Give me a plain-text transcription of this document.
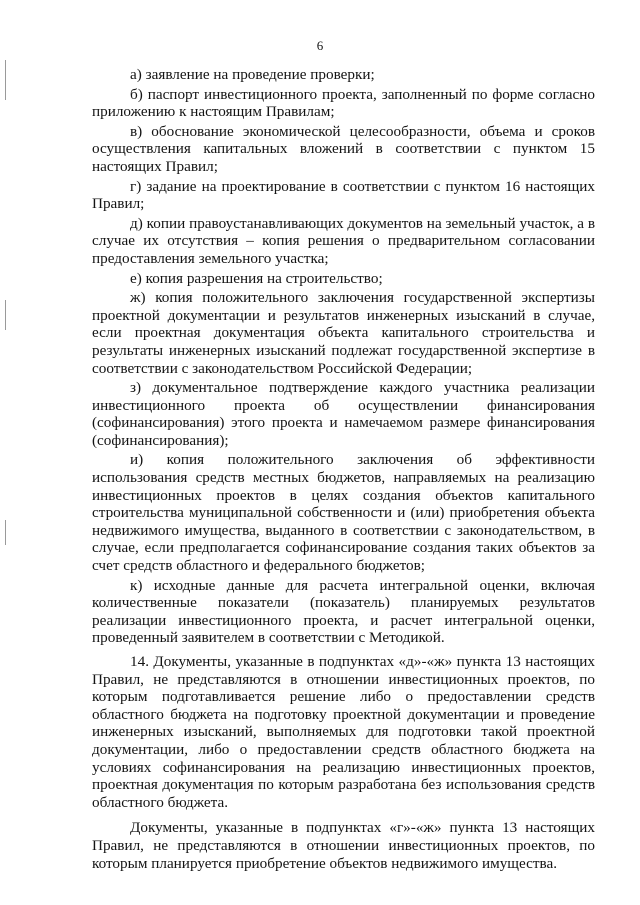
6

а) заявление на проведение проверки;

б) паспорт инвестиционного проекта, заполненный по форме согласно приложению к настоящим Правилам;

в) обоснование экономической целесообразности, объема и сроков осуществления капитальных вложений в соответствии с пунктом 15 настоящих Правил;

г) задание на проектирование в соответствии с пунктом 16 настоящих Правил;

д) копии правоустанавливающих документов на земельный участок, а в случае их отсутствия – копия решения о предварительном согласовании предоставления земельного участка;

е) копия разрешения на строительство;

ж) копия положительного заключения государственной экспертизы проектной документации и результатов инженерных изысканий в случае, если проектная документация объекта капитального строительства и результаты инженерных изысканий подлежат государственной экспертизе в соответствии с законодательством Российской Федерации;

з) документальное подтверждение каждого участника реализации инвестиционного проекта об осуществлении финансирования (софинансирования) этого проекта и намечаемом размере финансирования (софинансирования);

и) копия положительного заключения об эффективности использования средств местных бюджетов, направляемых на реализацию инвестиционных проектов в целях создания объектов капитального строительства муниципальной собственности и (или) приобретения объекта недвижимого имущества, выданного в соответствии с законодательством, в случае, если предполагается софинансирование создания таких объектов за счет средств областного и федерального бюджетов;

к) исходные данные для расчета интегральной оценки, включая количественные показатели (показатель) планируемых результатов реализации инвестиционного проекта, и расчет интегральной оценки, проведенный заявителем в соответствии с Методикой.

14. Документы, указанные в подпунктах «д»-«ж» пункта 13 настоящих Правил, не представляются в отношении инвестиционных проектов, по которым подготавливается решение либо о предоставлении средств областного бюджета на подготовку проектной документации и проведение инженерных изысканий, выполняемых для подготовки такой проектной документации, либо о предоставлении средств областного бюджета на условиях софинансирования на реализацию инвестиционных проектов, проектная документация по которым разработана без использования средств областного бюджета.

Документы, указанные в подпунктах «г»-«ж» пункта 13 настоящих Правил, не представляются в отношении инвестиционных проектов, по которым планируется приобретение объектов недвижимого имущества.
